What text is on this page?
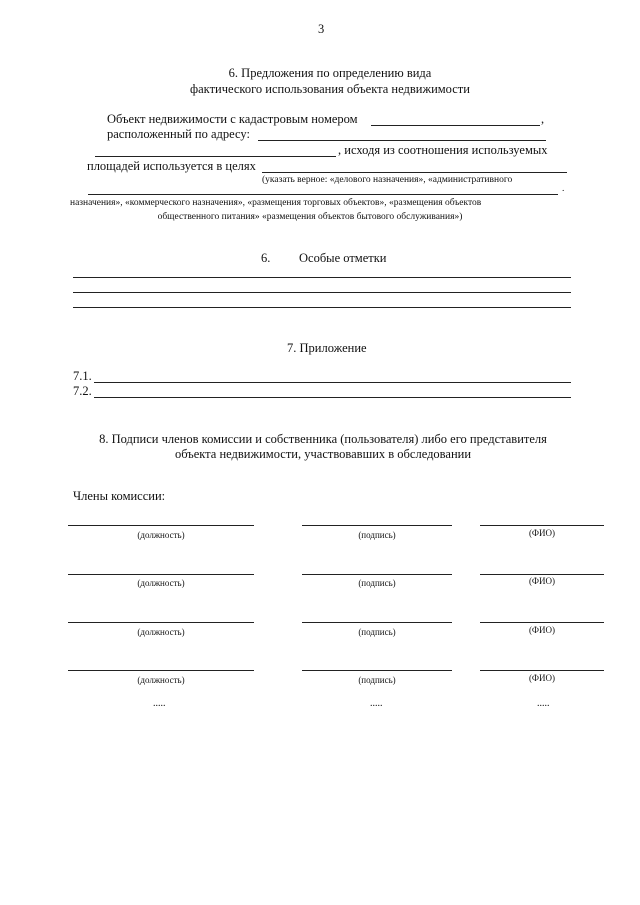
3
6. Предложения по определению вида
фактического использования объекта недвижимости
Объект недвижимости с кадастровым номером	,
расположенный по адресу:
, исходя из соотношения используемых
площадей используется в целях
(указать верное: «делового назначения», «административного
.
назначения», «коммерческого назначения», «размещения торговых объектов», «размещения объектов
общественного питания» «размещения объектов бытового обслуживания»)
6. Особые отметки
7. Приложение
7.1.
7.2.
8. Подписи членов комиссии и собственника (пользователя) либо его представителя
объекта недвижимости, участвовавших в обследовании
Члены комиссии:
(должность)	(подпись)	(ФИО)
(должность)	(подпись)	(ФИО)
(должность)	(подпись)	(ФИО)
(должность)	(подпись)	(ФИО)
.....	.....	.....
